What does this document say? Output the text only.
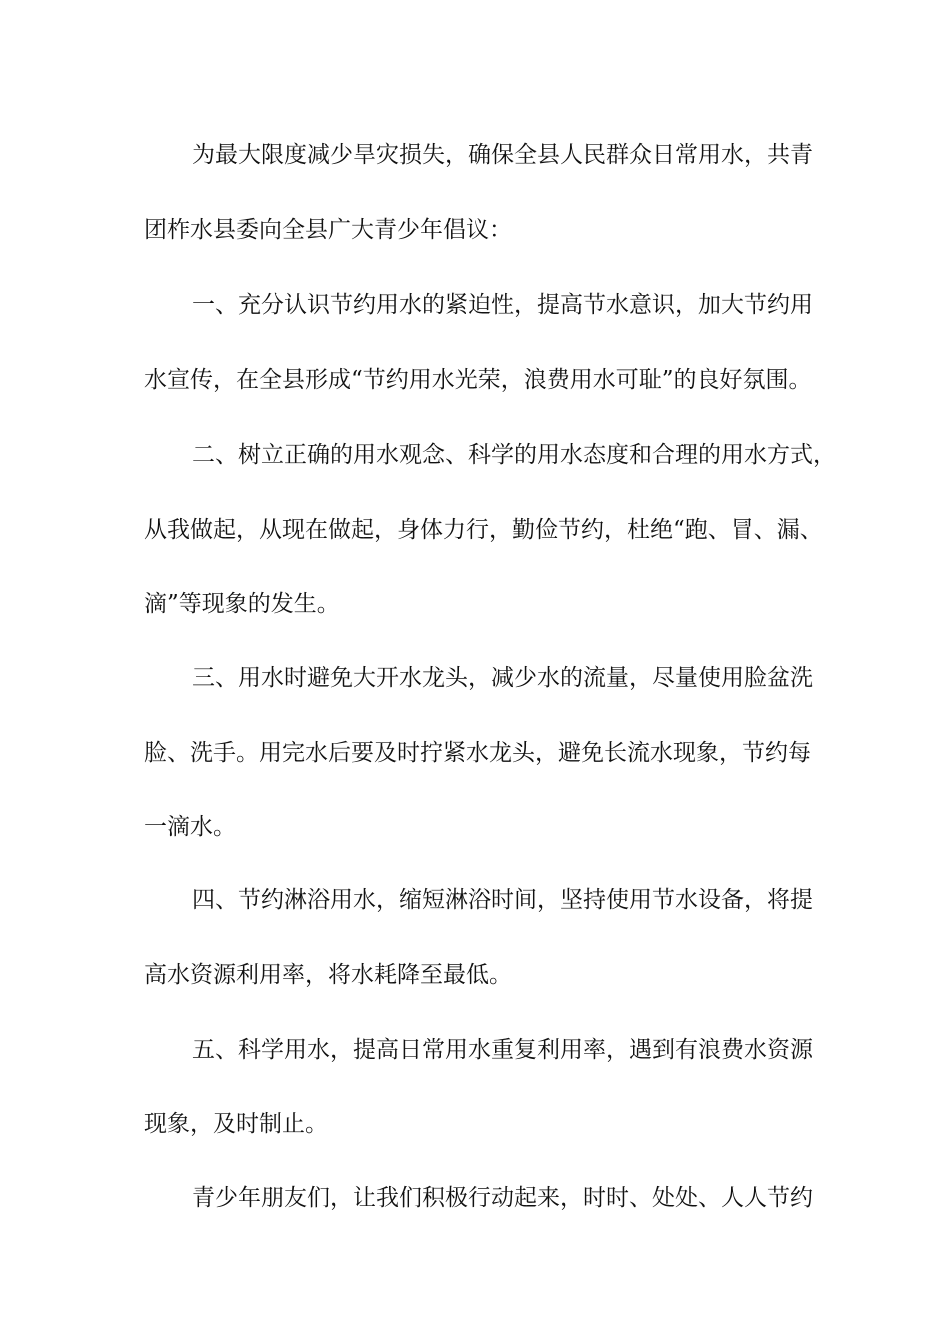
为最大限度减少旱灾损失，确保全县人民群众日常用水，共青

团柞水县委向全县广大青少年倡议：

一、充分认识节约用水的紧迫性，提高节水意识，加大节约用

水宣传，在全县形成“节约用水光荣，浪费用水可耻”的良好氛围。

二、树立正确的用水观念、科学的用水态度和合理的用水方式，

从我做起，从现在做起，身体力行，勤俭节约，杜绝“跑、冒、漏、

滴”等现象的发生。

三、用水时避免大开水龙头，减少水的流量，尽量使用脸盆洗

脸、洗手。用完水后要及时拧紧水龙头，避免长流水现象，节约每

一滴水。

四、节约淋浴用水，缩短淋浴时间，坚持使用节水设备，将提

高水资源利用率，将水耗降至最低。

五、科学用水，提高日常用水重复利用率，遇到有浪费水资源

现象，及时制止。

青少年朋友们，让我们积极行动起来，时时、处处、人人节约
